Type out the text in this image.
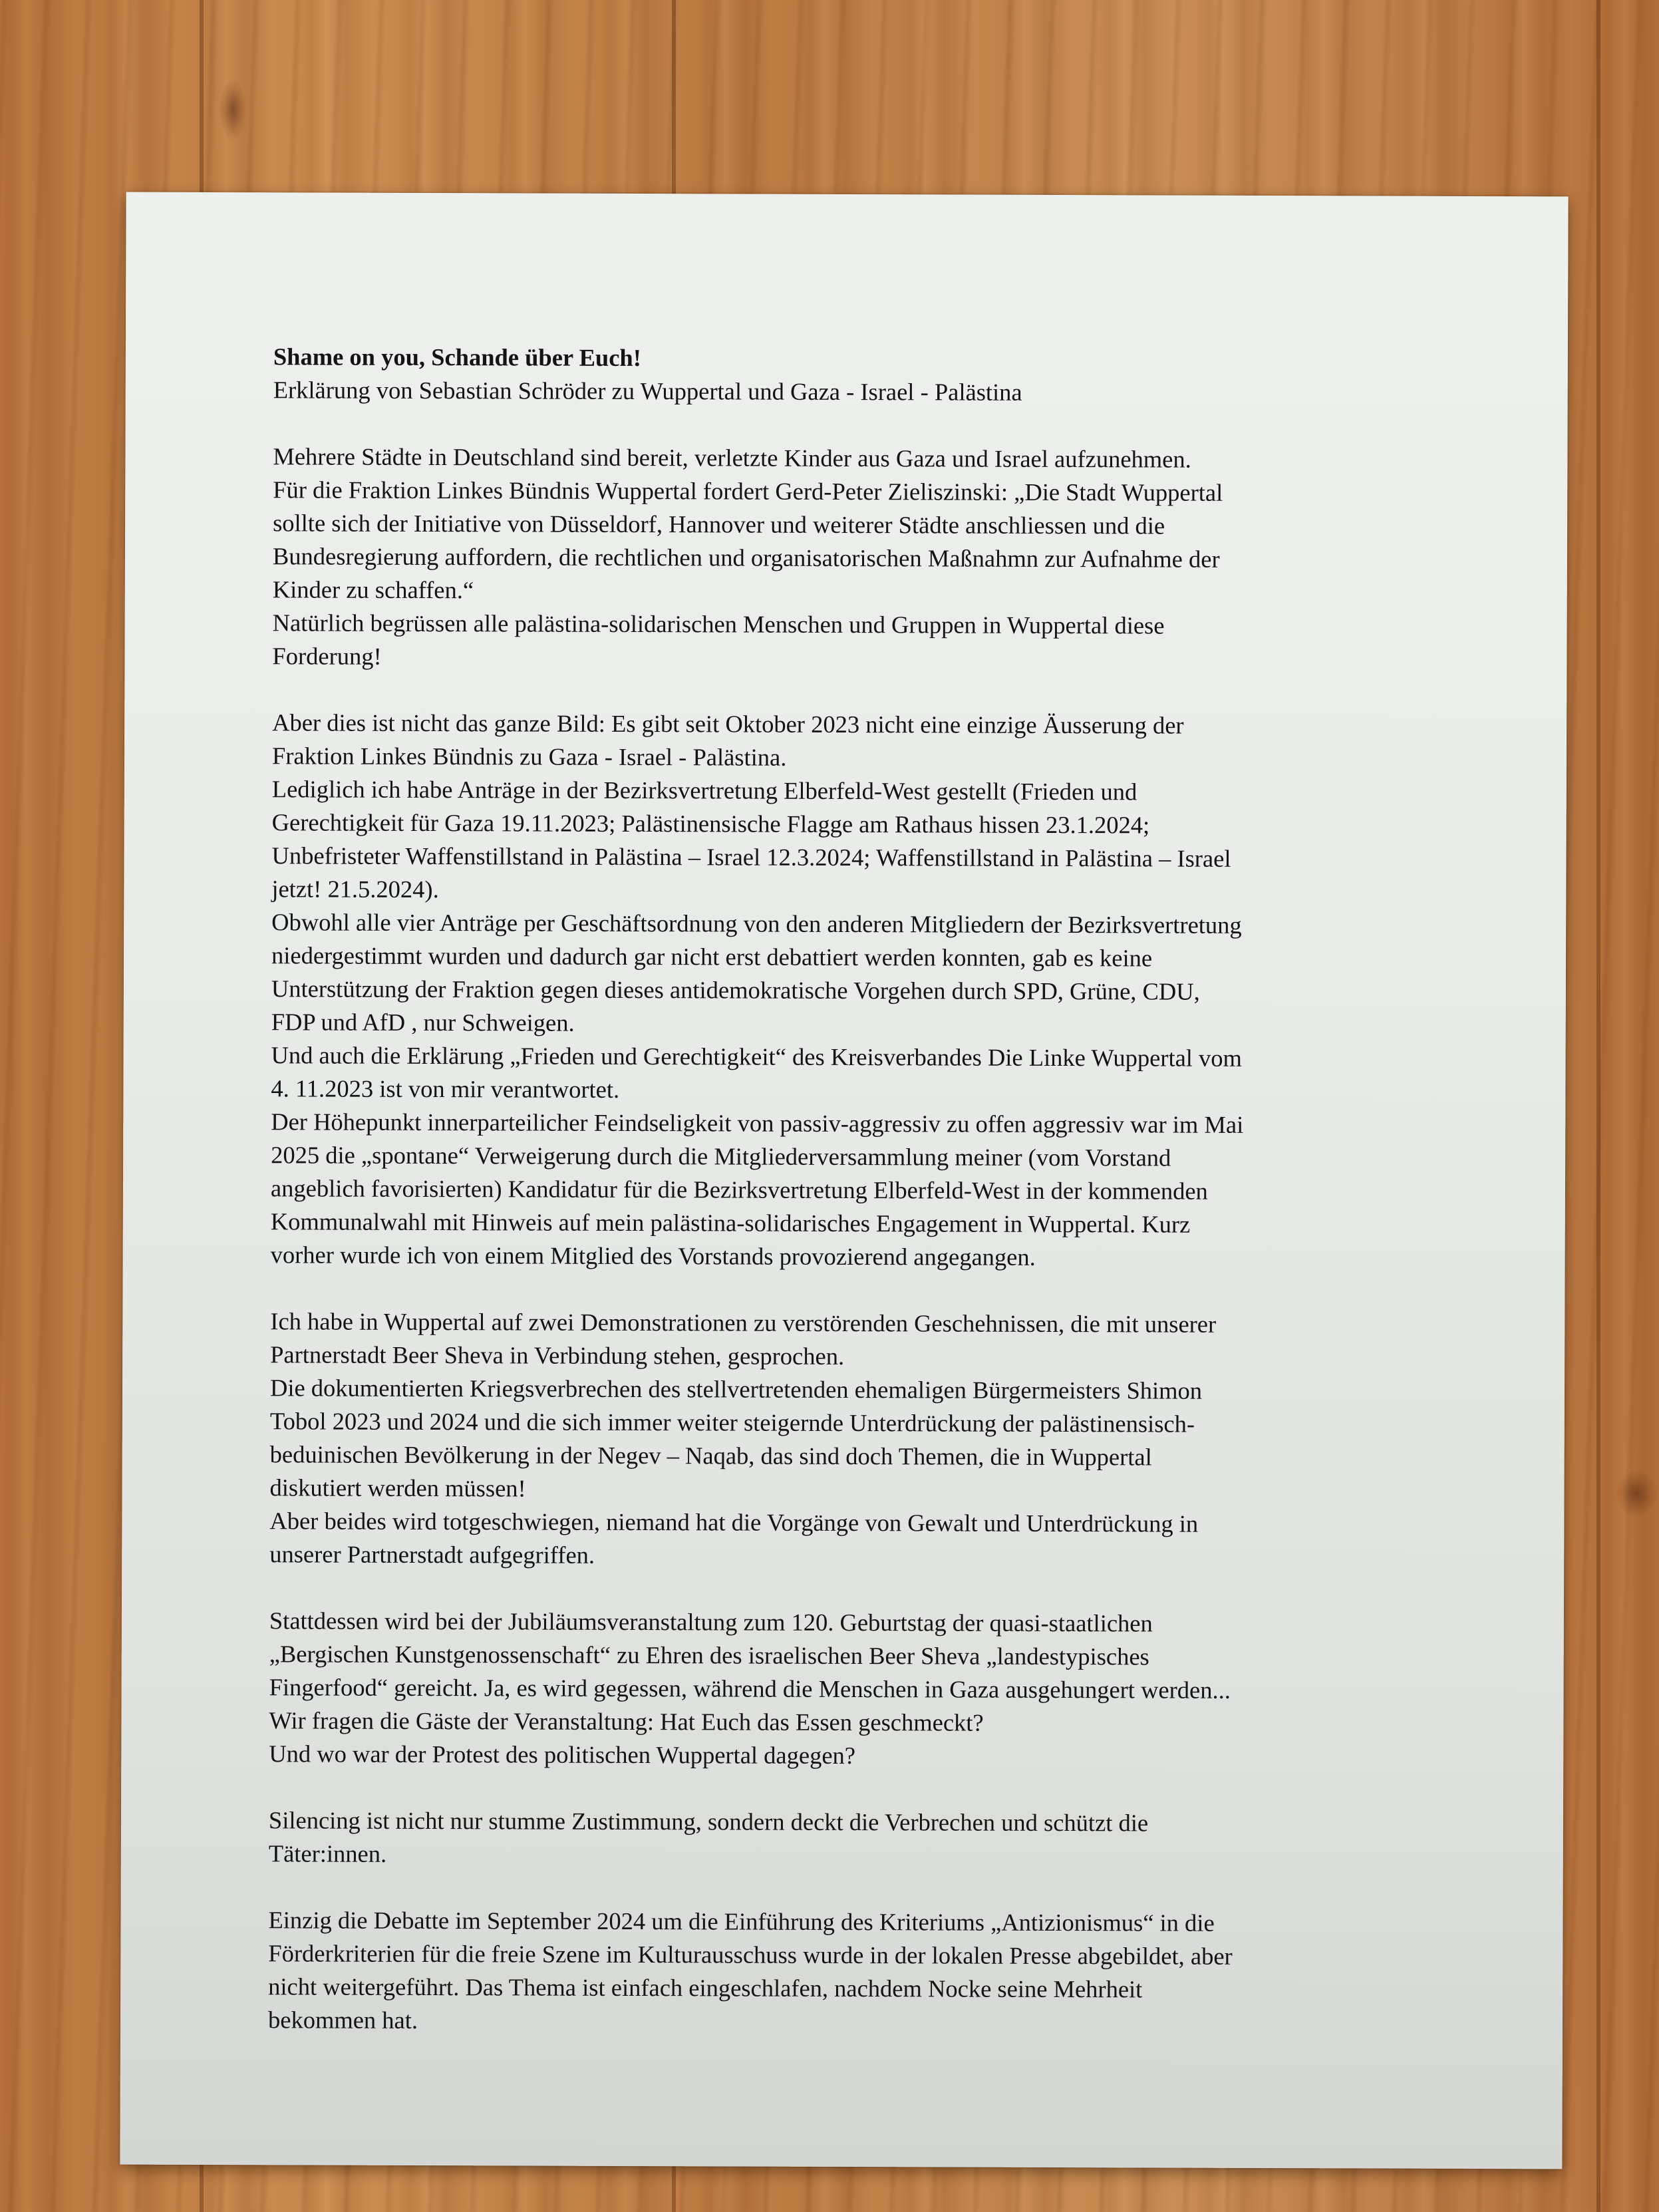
Shame on you, Schande über Euch!
Erklärung von Sebastian Schröder zu Wuppertal und Gaza - Israel - Palästina
Mehrere Städte in Deutschland sind bereit, verletzte Kinder aus Gaza und Israel aufzunehmen.
Für die Fraktion Linkes Bündnis Wuppertal fordert Gerd-Peter Zieliszinski: „Die Stadt Wuppertal
sollte sich der Initiative von Düsseldorf, Hannover und weiterer Städte anschliessen und die
Bundesregierung auffordern, die rechtlichen und organisatorischen Maßnahmn zur Aufnahme der
Kinder zu schaffen.“
Natürlich begrüssen alle palästina-solidarischen Menschen und Gruppen in Wuppertal diese
Forderung!
Aber dies ist nicht das ganze Bild: Es gibt seit Oktober 2023 nicht eine einzige Äusserung der
Fraktion Linkes Bündnis zu Gaza - Israel - Palästina.
Lediglich ich habe Anträge in der Bezirksvertretung Elberfeld-West gestellt (Frieden und
Gerechtigkeit für Gaza 19.11.2023; Palästinensische Flagge am Rathaus hissen 23.1.2024;
Unbefristeter Waffenstillstand in Palästina – Israel 12.3.2024; Waffenstillstand in Palästina – Israel
jetzt! 21.5.2024).
Obwohl alle vier Anträge per Geschäftsordnung von den anderen Mitgliedern der Bezirksvertretung
niedergestimmt wurden und dadurch gar nicht erst debattiert werden konnten, gab es keine
Unterstützung der Fraktion gegen dieses antidemokratische Vorgehen durch SPD, Grüne, CDU,
FDP und AfD , nur Schweigen.
Und auch die Erklärung „Frieden und Gerechtigkeit“ des Kreisverbandes Die Linke Wuppertal vom
4. 11.2023 ist von mir verantwortet.
Der Höhepunkt innerparteilicher Feindseligkeit von passiv-aggressiv zu offen aggressiv war im Mai
2025 die „spontane“ Verweigerung durch die Mitgliederversammlung meiner (vom Vorstand
angeblich favorisierten) Kandidatur für die Bezirksvertretung Elberfeld-West in der kommenden
Kommunalwahl mit Hinweis auf mein palästina-solidarisches Engagement in Wuppertal. Kurz
vorher wurde ich von einem Mitglied des Vorstands provozierend angegangen.
Ich habe in Wuppertal auf zwei Demonstrationen zu verstörenden Geschehnissen, die mit unserer
Partnerstadt Beer Sheva in Verbindung stehen, gesprochen.
Die dokumentierten Kriegsverbrechen des stellvertretenden ehemaligen Bürgermeisters Shimon
Tobol 2023 und 2024 und die sich immer weiter steigernde Unterdrückung der palästinensisch-
beduinischen Bevölkerung in der Negev – Naqab, das sind doch Themen, die in Wuppertal
diskutiert werden müssen!
Aber beides wird totgeschwiegen, niemand hat die Vorgänge von Gewalt und Unterdrückung in
unserer Partnerstadt aufgegriffen.
Stattdessen wird bei der Jubiläumsveranstaltung zum 120. Geburtstag der quasi-staatlichen
„Bergischen Kunstgenossenschaft“ zu Ehren des israelischen Beer Sheva „landestypisches
Fingerfood“ gereicht. Ja, es wird gegessen, während die Menschen in Gaza ausgehungert werden...
Wir fragen die Gäste der Veranstaltung: Hat Euch das Essen geschmeckt?
Und wo war der Protest des politischen Wuppertal dagegen?
Silencing ist nicht nur stumme Zustimmung, sondern deckt die Verbrechen und schützt die
Täter:innen.
Einzig die Debatte im September 2024 um die Einführung des Kriteriums „Antizionismus“ in die
Förderkriterien für die freie Szene im Kulturausschuss wurde in der lokalen Presse abgebildet, aber
nicht weitergeführt. Das Thema ist einfach eingeschlafen, nachdem Nocke seine Mehrheit
bekommen hat.
